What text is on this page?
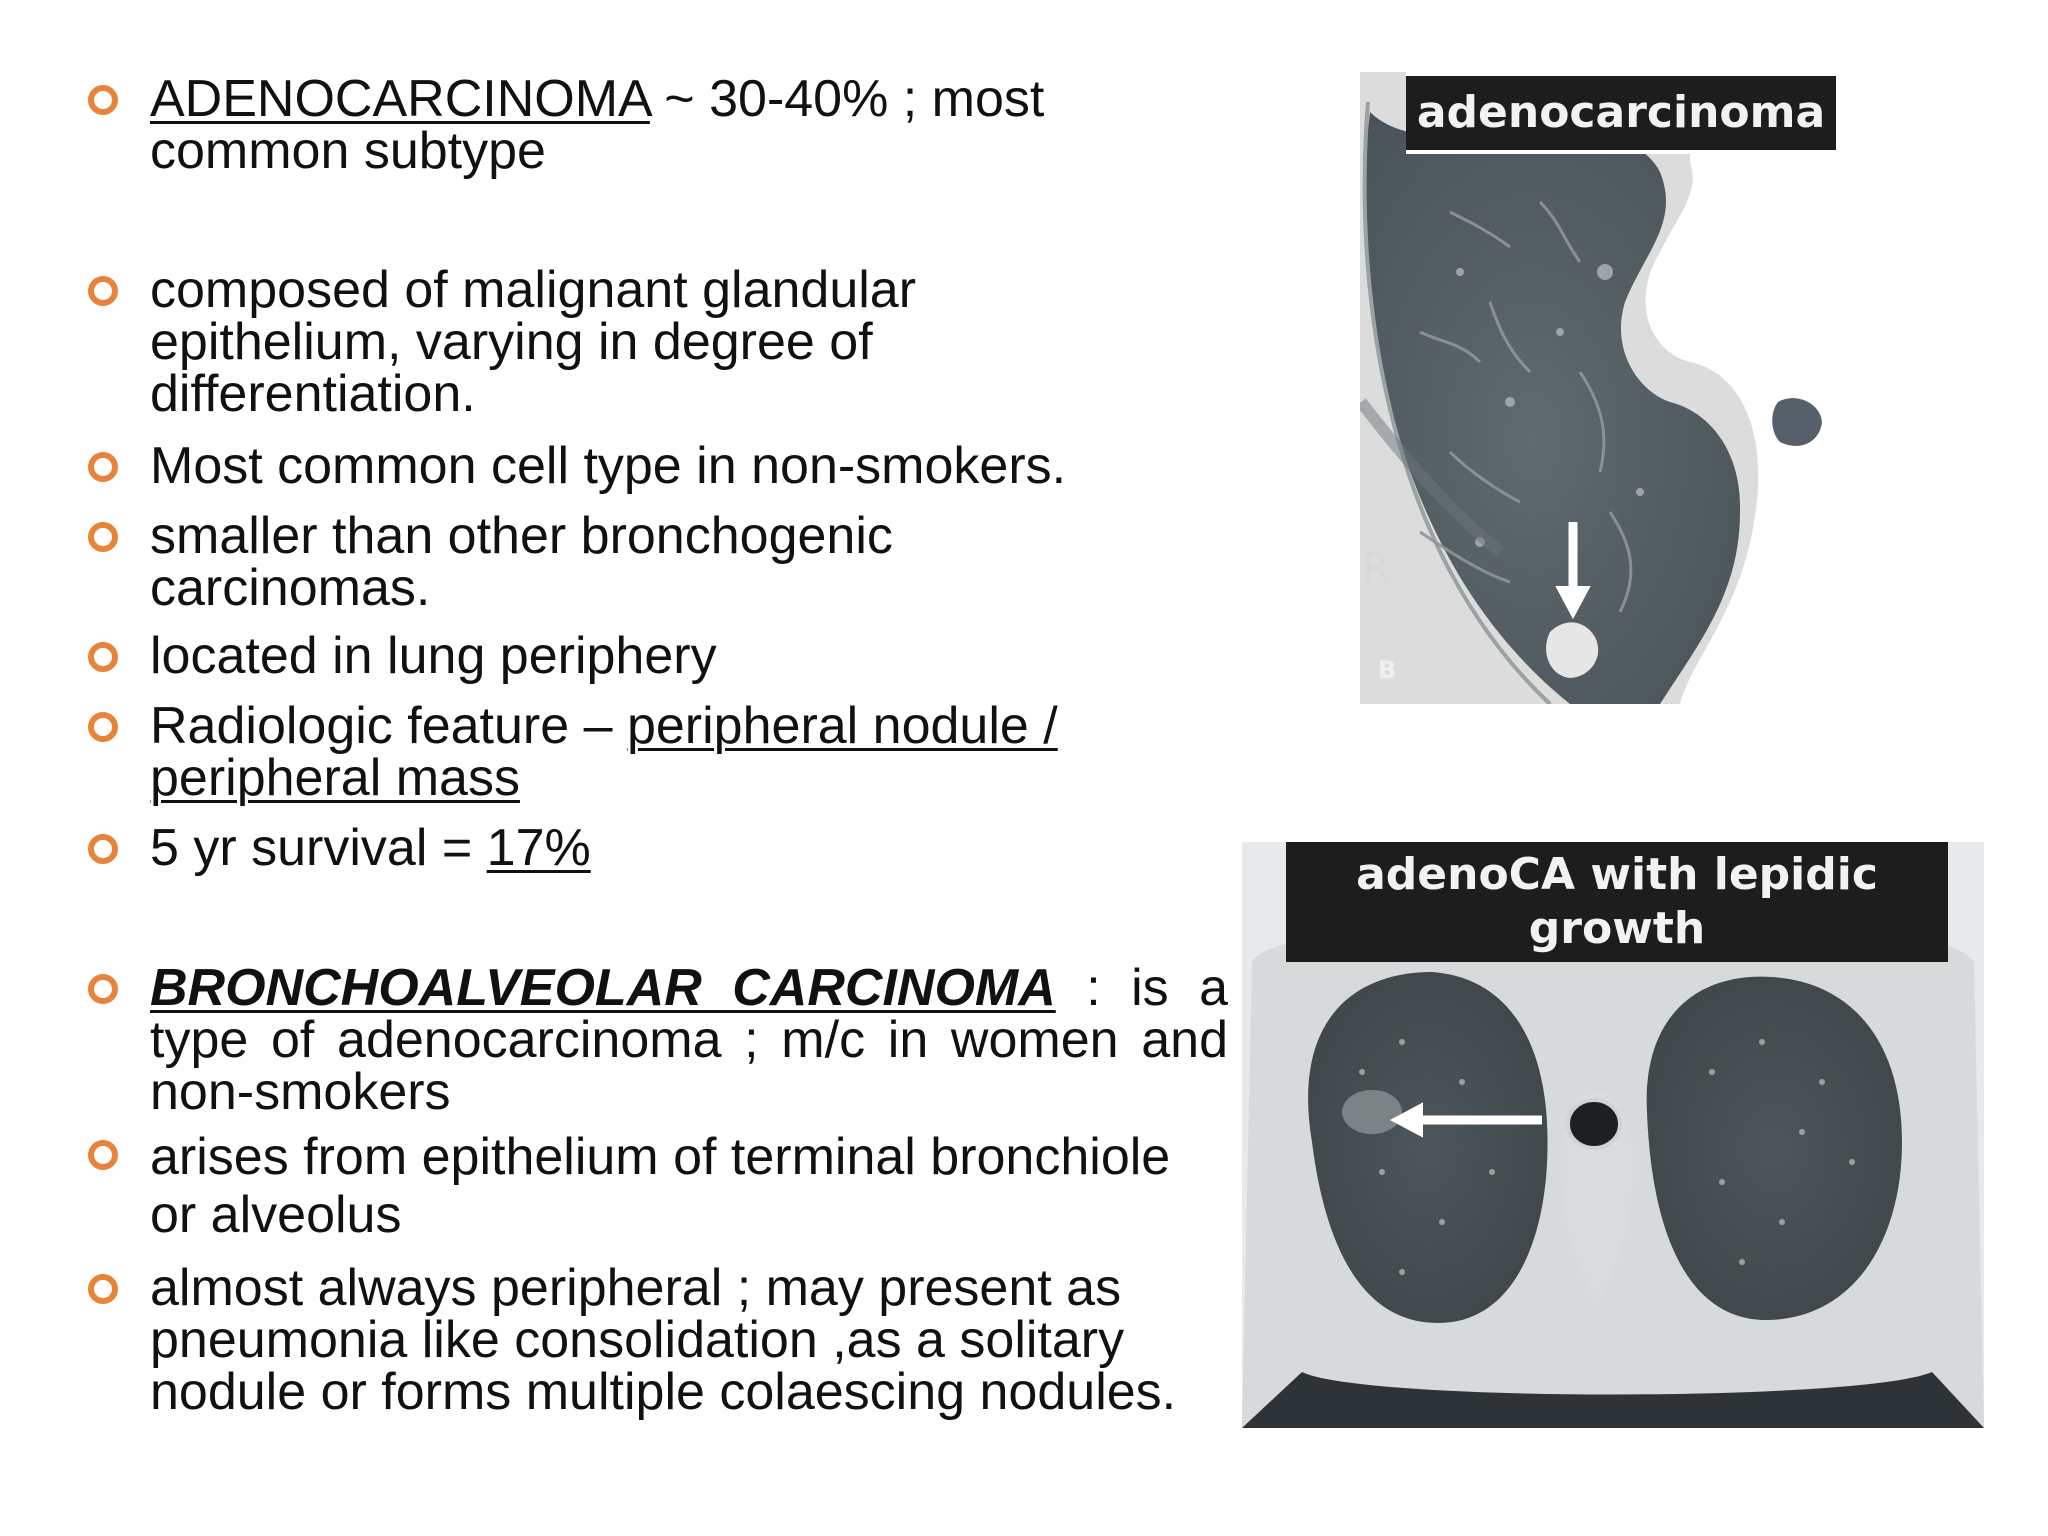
ADENOCARCINOMA ~ 30-40% ; most common subtype
composed of malignant glandular epithelium, varying in degree of differentiation.
Most common cell type in non-smokers.
smaller than other bronchogenic carcinomas.
located in lung periphery
Radiologic feature – peripheral nodule / peripheral mass
5 yr survival = 17%
BRONCHOALVEOLAR CARCINOMA : is a type of adenocarcinoma ; m/c in women and non-smokers
arises from epithelium of terminal bronchiole or alveolus
almost always peripheral ; may present as pneumonia like consolidation ,as a solitary nodule or forms multiple colaescing nodules.
adenocarcinoma
R
B
adenoCA with lepidic growth
